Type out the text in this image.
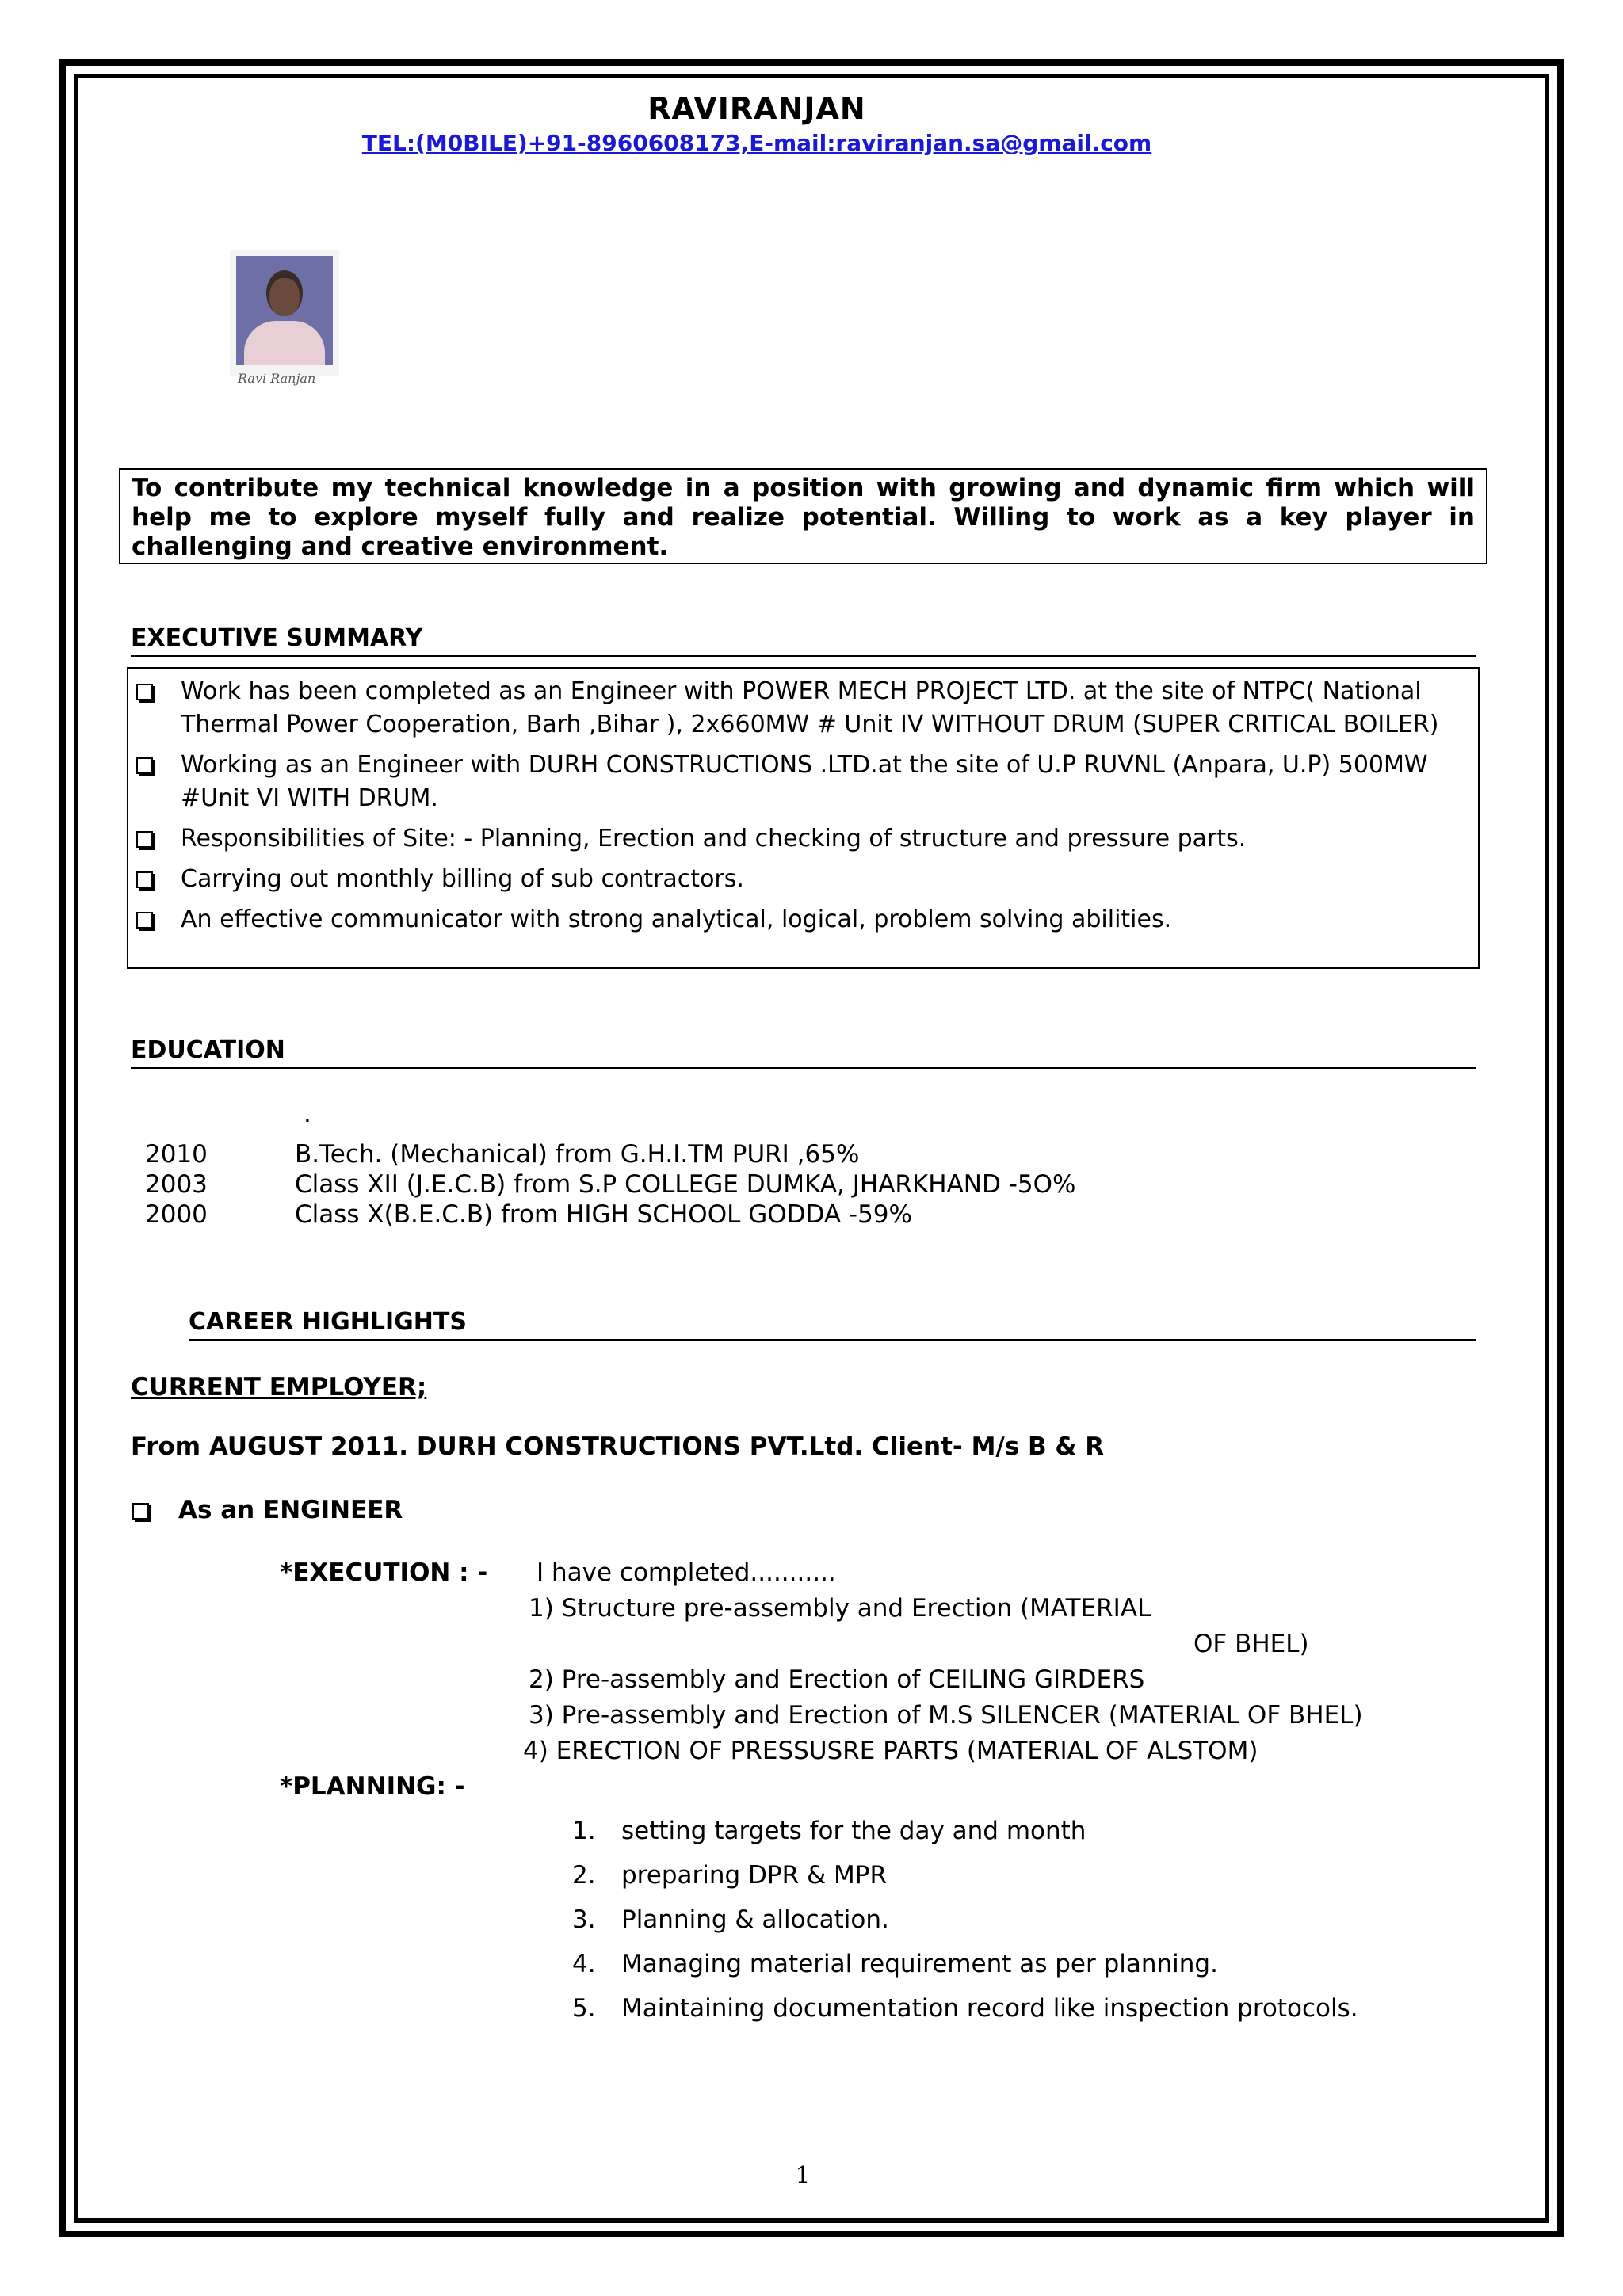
RAVIRANJAN
TEL:(M0BILE)+91-8960608173,E-mail:raviranjan.sa@gmail.com
Ravi Ranjan
To contribute my technical knowledge in a position with growing and dynamic firm which will help me to explore myself fully and realize potential. Willing to work as a key player in challenging and creative environment.
EXECUTIVE SUMMARY
Work has been completed as an Engineer with POWER MECH PROJECT LTD. at the site of NTPC( National Thermal Power Cooperation, Barh ,Bihar ), 2x660MW # Unit IV WITHOUT DRUM (SUPER CRITICAL BOILER)
Working as an Engineer with DURH CONSTRUCTIONS .LTD.at the site of U.P RUVNL (Anpara, U.P) 500MW #Unit VI WITH DRUM.
Responsibilities of Site: - Planning, Erection and checking of structure and pressure parts.
Carrying out monthly billing of sub contractors.
An effective communicator with strong analytical, logical, problem solving abilities.
EDUCATION
.
2010	B.Tech. (Mechanical) from G.H.I.TM PURI ,65%
2003	Class XII (J.E.C.B) from S.P COLLEGE DUMKA, JHARKHAND -5O%
2000	Class X(B.E.C.B) from HIGH SCHOOL GODDA -59%
CAREER HIGHLIGHTS
CURRENT EMPLOYER;
From AUGUST 2011. DURH CONSTRUCTIONS PVT.Ltd. Client- M/s B & R
As an ENGINEER
*EXECUTION : - I have completed...........
1) Structure pre-assembly and Erection (MATERIAL
OF BHEL)
2) Pre-assembly and Erection of CEILING GIRDERS
3) Pre-assembly and Erection of M.S SILENCER (MATERIAL OF BHEL)
4) ERECTION OF PRESSUSRE PARTS (MATERIAL OF ALSTOM)
*PLANNING: -
1. setting targets for the day and month
2. preparing DPR & MPR
3. Planning & allocation.
4. Managing material requirement as per planning.
5. Maintaining documentation record like inspection protocols.
1
